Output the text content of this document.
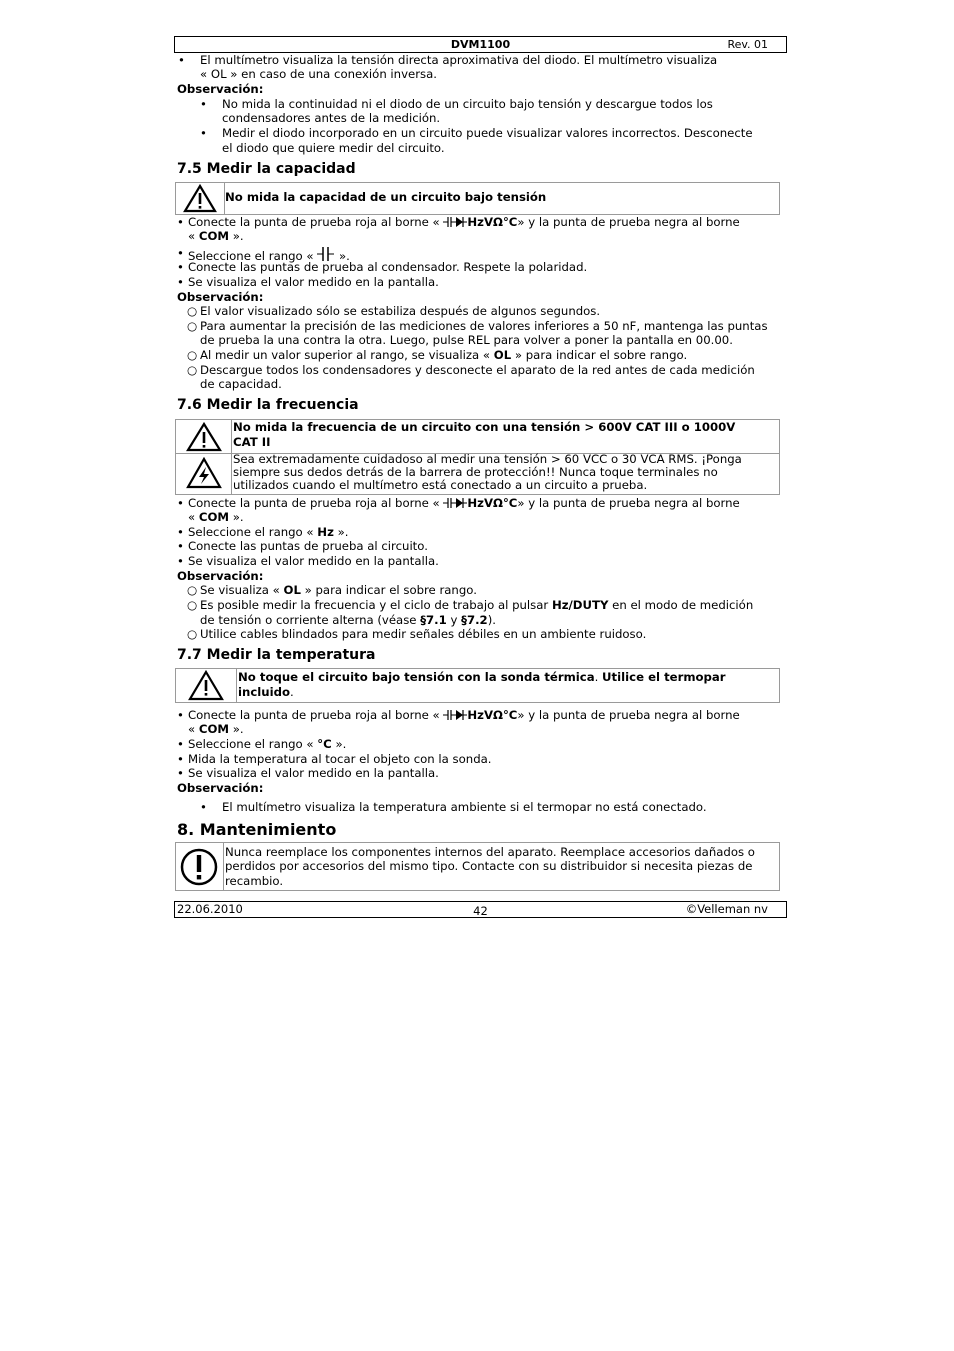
DVM1100	Rev. 01
• El multímetro visualiza la tensión directa aproximativa del diodo. El multímetro visualiza
« OL » en caso de una conexión inversa.
Observación:
• No mida la continuidad ni el diodo de un circuito bajo tensión y descargue todos los
condensadores antes de la medición.
• Medir el diodo incorporado en un circuito puede visualizar valores incorrectos. Desconecte
el diodo que quiere medir del circuito.
7.5 Medir la capacidad
No mida la capacidad de un circuito bajo tensión
• Conecte la punta de prueba roja al borne « HzVΩ°C» y la punta de prueba negra al borne
« COM ».
• Seleccione el rango « ».
• Conecte las puntas de prueba al condensador. Respete la polaridad.
• Se visualiza el valor medido en la pantalla.
Observación:
○ El valor visualizado sólo se estabiliza después de algunos segundos.
○ Para aumentar la precisión de las mediciones de valores inferiores a 50 nF, mantenga las puntas
de prueba la una contra la otra. Luego, pulse REL para volver a poner la pantalla en 00.00.
○ Al medir un valor superior al rango, se visualiza « OL » para indicar el sobre rango.
○ Descargue todos los condensadores y desconecte el aparato de la red antes de cada medición
de capacidad.
7.6 Medir la frecuencia
No mida la frecuencia de un circuito con una tensión > 600V CAT III o 1000V
CAT II
Sea extremadamente cuidadoso al medir una tensión > 60 VCC o 30 VCA RMS. ¡Ponga
siempre sus dedos detrás de la barrera de protección!! Nunca toque terminales no
utilizados cuando el multímetro está conectado a un circuito a prueba.
• Conecte la punta de prueba roja al borne « HzVΩ°C» y la punta de prueba negra al borne
« COM ».
• Seleccione el rango « Hz ».
• Conecte las puntas de prueba al circuito.
• Se visualiza el valor medido en la pantalla.
Observación:
○ Se visualiza « OL » para indicar el sobre rango.
○ Es posible medir la frecuencia y el ciclo de trabajo al pulsar Hz/DUTY en el modo de medición
de tensión o corriente alterna (véase §7.1 y §7.2).
○ Utilice cables blindados para medir señales débiles en un ambiente ruidoso.
7.7 Medir la temperatura
No toque el circuito bajo tensión con la sonda térmica. Utilice el termopar
incluido.
• Conecte la punta de prueba roja al borne « HzVΩ°C» y la punta de prueba negra al borne
« COM ».
• Seleccione el rango « °C ».
• Mida la temperatura al tocar el objeto con la sonda.
• Se visualiza el valor medido en la pantalla.
Observación:
• El multímetro visualiza la temperatura ambiente si el termopar no está conectado.
8. Mantenimiento
Nunca reemplace los componentes internos del aparato. Reemplace accesorios dañados o
perdidos por accesorios del mismo tipo. Contacte con su distribuidor si necesita piezas de
recambio.
22.06.2010	42	©Velleman nv
